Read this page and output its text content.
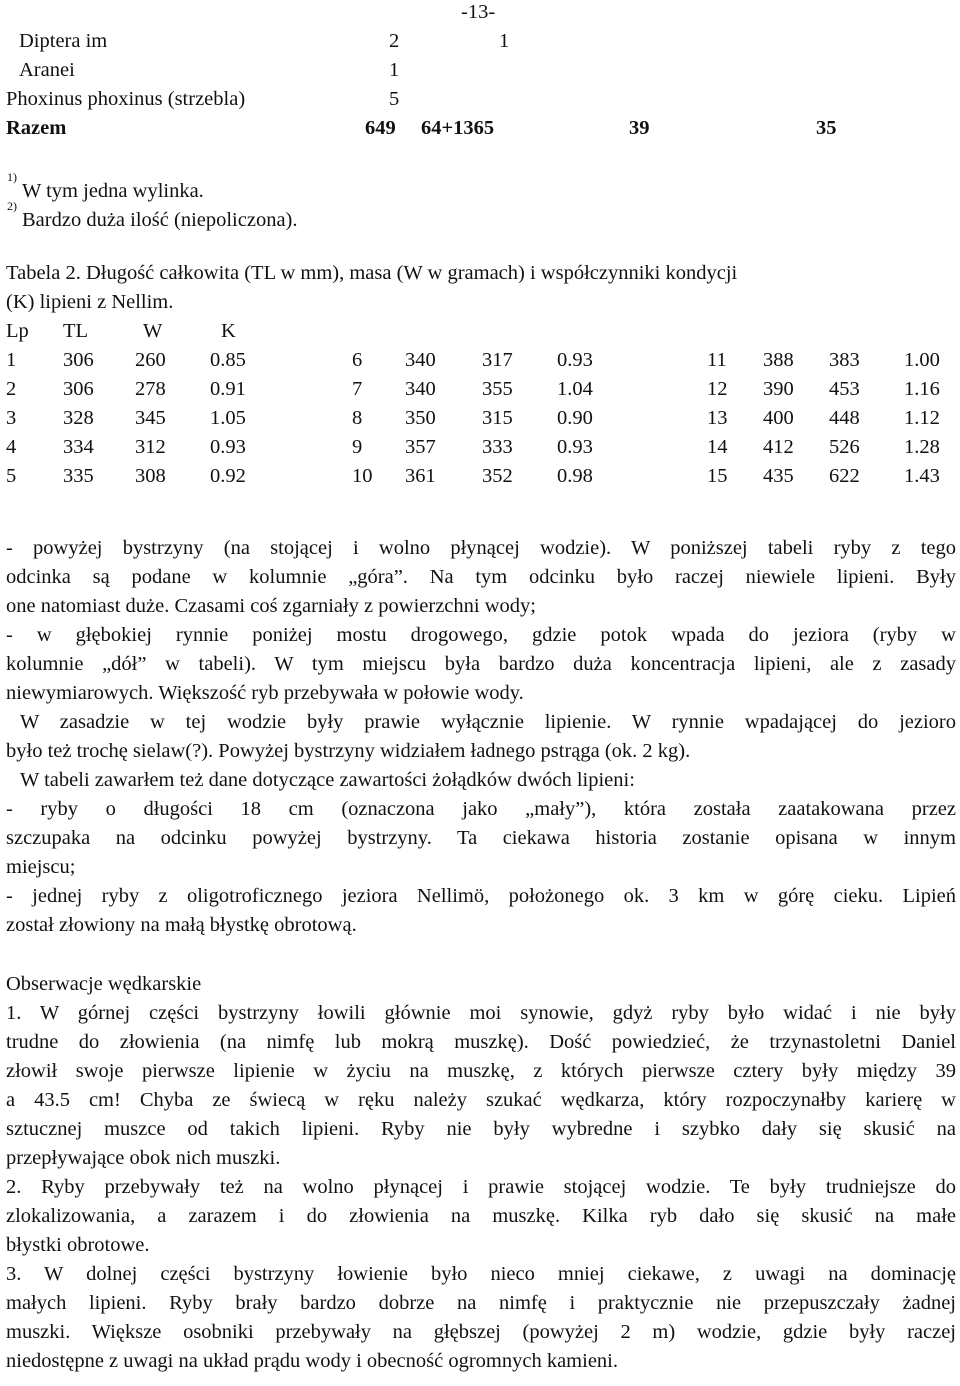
-13-
Diptera im	2	1
Aranei	1
Phoxinus phoxinus (strzebla)	5
Razem	649 64+1365	39	35
$^{1)}$W tym jedna wylinka.
$^{2)}$Bardzo duża ilość (niepoliczona).
Tabela 2. Długość całkowita (TL w mm), masa (W w gramach) i współczynniki kondycji
(K) lipieni z Nellim.
Lp TL	W	K
1 306 260 0.85	6 340 317 0.93	11 388 383 1.00
2 306 278 0.91	7 340 355 1.04	12 390 453 1.16
3 328 345 1.05	8 350 315 0.90	13 400 448 1.12
4 334 312 0.93	9 357 333 0.93	14 412 526 1.28
5 335 308 0.92	10 361 352 0.98	15 435 622 1.43
- powyżej bystrzyny (na stojącej i wolno płynącej wodzie). W poniższej tabeli ryby z tego
odcinka są podane w kolumnie „góra”. Na tym odcinku było raczej niewiele lipieni. Były
one natomiast duże. Czasami coś zgarniały z powierzchni wody;
- w głębokiej rynnie poniżej mostu drogowego, gdzie potok wpada do jeziora (ryby w
kolumnie „dół” w tabeli). W tym miejscu była bardzo duża koncentracja lipieni, ale z zasady
niewymiarowych. Większość ryb przebywała w połowie wody.
W zasadzie w tej wodzie były prawie wyłącznie lipienie. W rynnie wpadającej do jezioro
było też trochę sielaw(?). Powyżej bystrzyny widziałem ładnego pstrąga (ok. 2 kg).
W tabeli zawarłem też dane dotyczące zawartości żołądków dwóch lipieni:
- ryby o długości 18 cm (oznaczona jako „mały”), która została zaatakowana przez
szczupaka na odcinku powyżej bystrzyny. Ta ciekawa historia zostanie opisana w innym
miejscu;
- jednej ryby z oligotroficznego jeziora Nellimö, położonego ok. 3 km w górę cieku. Lipień
został złowiony na małą błystkę obrotową.
Obserwacje wędkarskie
1. W górnej części bystrzyny łowili głównie moi synowie, gdyż ryby było widać i nie były
trudne do złowienia (na nimfę lub mokrą muszkę). Dość powiedzieć, że trzynastoletni Daniel
złowił swoje pierwsze lipienie w życiu na muszkę, z których pierwsze cztery były między 39
a 43.5 cm! Chyba ze świecą w ręku należy szukać wędkarza, który rozpoczynałby karierę w
sztucznej muszce od takich lipieni. Ryby nie były wybredne i szybko dały się skusić na
przepływające obok nich muszki.
2. Ryby przebywały też na wolno płynącej i prawie stojącej wodzie. Te były trudniejsze do
zlokalizowania, a zarazem i do złowienia na muszkę. Kilka ryb dało się skusić na małe
błystki obrotowe.
3. W dolnej części bystrzyny łowienie było nieco mniej ciekawe, z uwagi na dominację
małych lipieni. Ryby brały bardzo dobrze na nimfę i praktycznie nie przepuszczały żadnej
muszki. Większe osobniki przebywały na głębszej (powyżej 2 m) wodzie, gdzie były raczej
niedostępne z uwagi na układ prądu wody i obecność ogromnych kamieni.
